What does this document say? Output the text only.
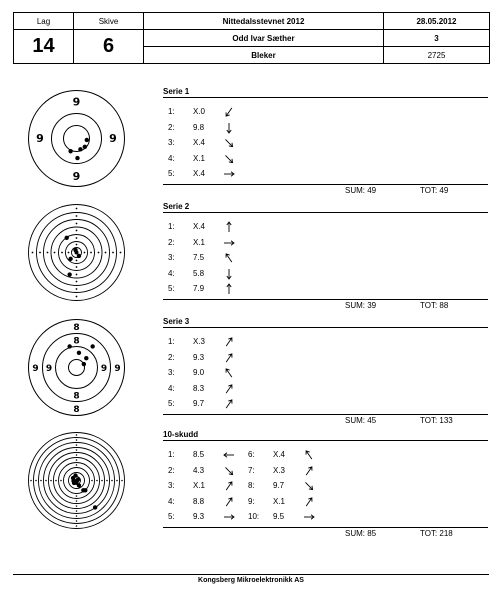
Lag	Skive	Nittedalsstevnet 2012	28.05.2012
14	6	Odd Ivar Sæther	3
		Bleker	2725
9
9	9
9
8
9
8
9
8
9
8
9
Serie 1
1:	X.0
2:	9.8
3:	X.4
4:	X.1
5:	X.4
SUM: 49	TOT: 49
Serie 2
1:	X.4
2:	X.1
3:	7.5
4:	5.8
5:	7.9
SUM: 39	TOT: 88
Serie 3
1:	X.3
2:	9.3
3:	9.0
4:	8.3
5:	9.7
SUM: 45	TOT: 133
10-skudd
1:	8.5
2:	4.3
3:	X.1
4:	8.8
5:	9.3
6:	X.4
7:	X.3
8:	9.7
9:	X.1
10:	9.5
SUM: 85	TOT: 218
Kongsberg Mikroelektronikk AS
